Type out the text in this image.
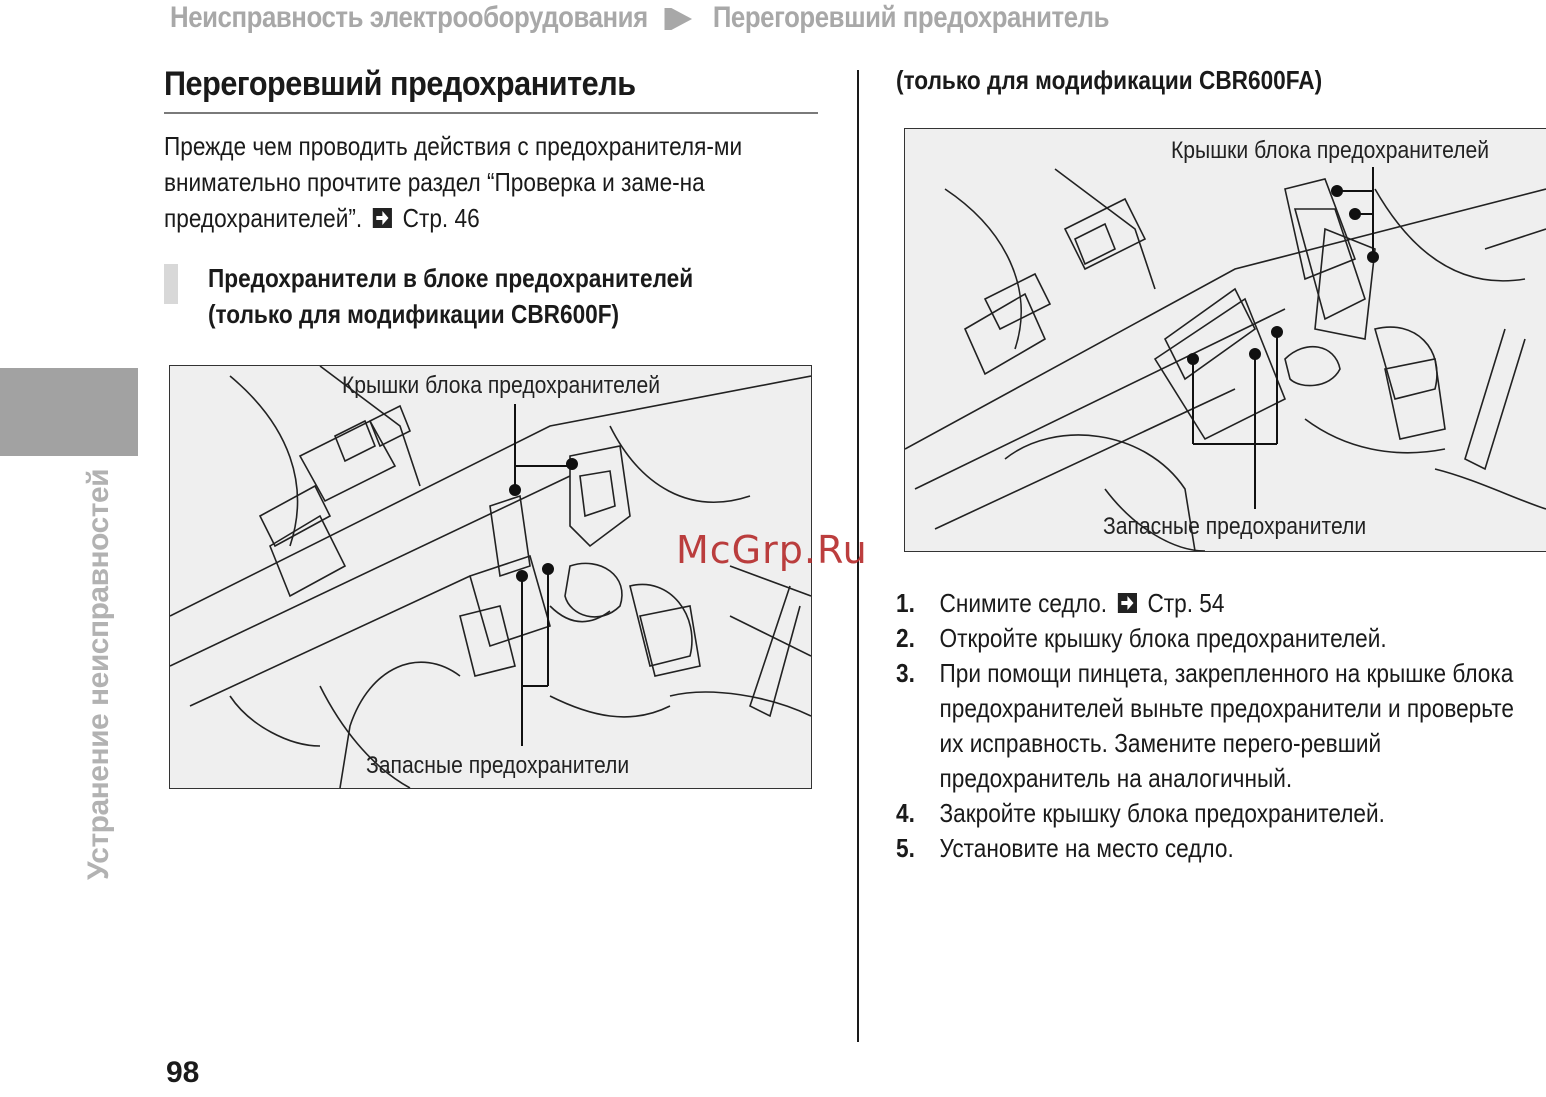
Неисправность электрооборудования Перегоревший предохранитель
Устранение неисправностей
Перегоревший предохранитель
Прежде чем проводить действия с предохранителя-ми внимательно прочтите раздел “Проверка и заме-на предохранителей”. Стр. 46
Предохранители в блоке предохранителей
(только для модификации CBR600F)
Крышки блока предохранителей
Запасные предохранители
(только для модификации CBR600FA)
Крышки блока предохранителей
Запасные предохранители
1. Снимите седло. Стр. 54
2. Откройте крышку блока предохранителей.
3. При помощи пинцета, закрепленного на крышке блока предохранителей выньте предохранители и проверьте их исправность. Замените перего-ревший предохранитель на аналогичный.
4. Закройте крышку блока предохранителей.
5. Установите на место седло.
McGrp.Ru
98
